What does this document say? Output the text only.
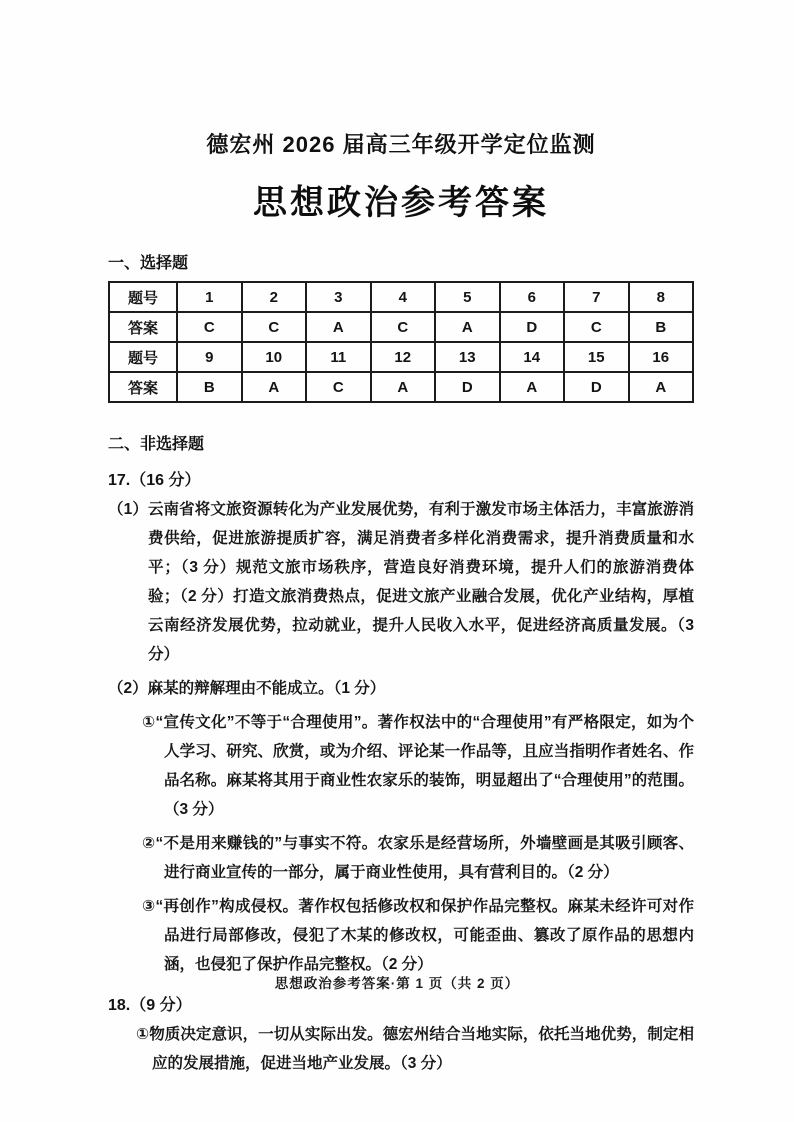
德宏州 2026 届高三年级开学定位监测
思想政治参考答案
一、选择题
题号	1	2	3	4	5	6	7	8
答案	C	C	A	C	A	D	C	B
题号	9	10	11	12	13	14	15	16
答案	B	A	C	A	D	A	D	A
二、非选择题
17.（16 分）

（1）云南省将文旅资源转化为产业发展优势，有利于激发市场主体活力，丰富旅游消费供给，促进旅游提质扩容，满足消费者多样化消费需求，提升消费质量和水平；（3 分）规范文旅市场秩序，营造良好消费环境，提升人们的旅游消费体验；（2 分）打造文旅消费热点，促进文旅产业融合发展，优化产业结构，厚植云南经济发展优势，拉动就业，提升人民收入水平，促进经济高质量发展。（3 分）

（2）麻某的辩解理由不能成立。（1 分）

①“宣传文化”不等于“合理使用”。著作权法中的“合理使用”有严格限定，如为个人学习、研究、欣赏，或为介绍、评论某一作品等，且应当指明作者姓名、作品名称。麻某将其用于商业性农家乐的装饰，明显超出了“合理使用”的范围。（3 分）

②“不是用来赚钱的”与事实不符。农家乐是经营场所，外墙壁画是其吸引顾客、进行商业宣传的一部分，属于商业性使用，具有营利目的。（2 分）

③“再创作”构成侵权。著作权包括修改权和保护作品完整权。麻某未经许可对作品进行局部修改，侵犯了木某的修改权，可能歪曲、篡改了原作品的思想内涵，也侵犯了保护作品完整权。（2 分）

18.（9 分）

①物质决定意识，一切从实际出发。德宏州结合当地实际，依托当地优势，制定相应的发展措施，促进当地产业发展。（3 分）

思想政治参考答案·第 1 页（共 2 页）
